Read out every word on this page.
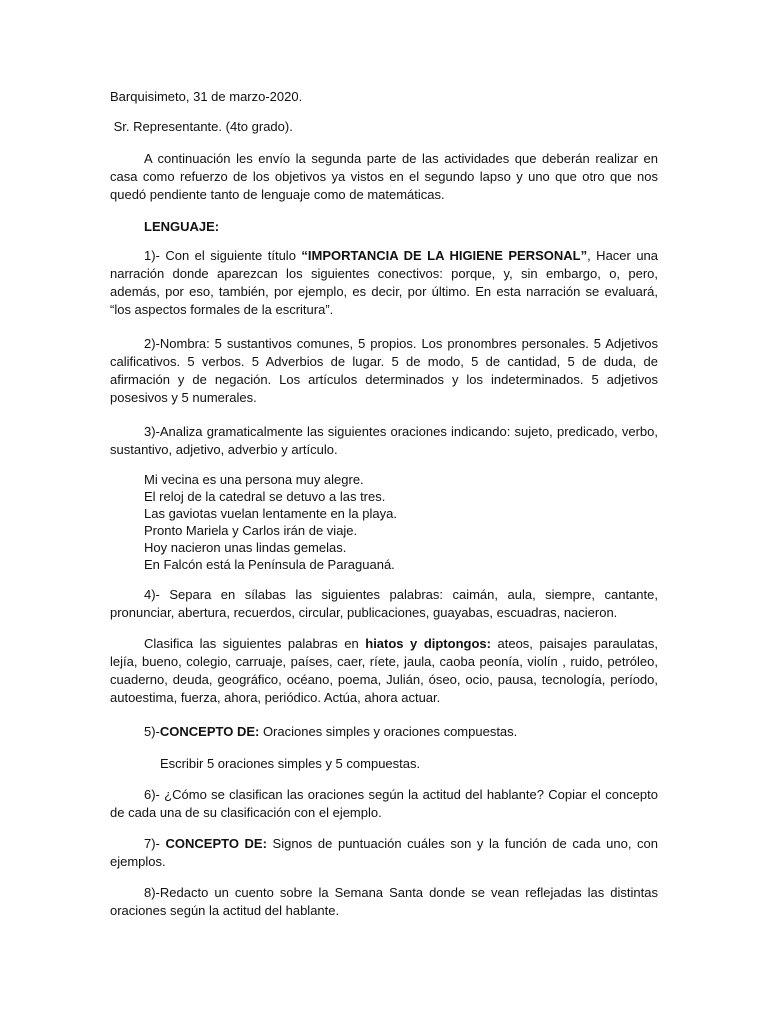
Barquisimeto, 31 de marzo-2020.
Sr. Representante. (4to grado).

A continuación les envío la segunda parte de las actividades que deberán realizar en casa como refuerzo de los objetivos ya vistos en el segundo lapso y uno que otro que nos quedó pendiente tanto de lenguaje como de matemáticas.

LENGUAJE:

1)- Con el siguiente título “IMPORTANCIA DE LA HIGIENE PERSONAL”, Hacer una narración donde aparezcan los siguientes conectivos: porque, y, sin embargo, o, pero, además, por eso, también, por ejemplo, es decir, por último. En esta narración se evaluará, “los aspectos formales de la escritura”.

2)-Nombra: 5 sustantivos comunes, 5 propios. Los pronombres personales. 5 Adjetivos calificativos. 5 verbos. 5 Adverbios de lugar. 5 de modo, 5 de cantidad, 5 de duda, de afirmación y de negación. Los artículos determinados y los indeterminados. 5 adjetivos posesivos y 5 numerales.

3)-Analiza gramaticalmente las siguientes oraciones indicando: sujeto, predicado, verbo, sustantivo, adjetivo, adverbio y artículo.

Mi vecina es una persona muy alegre.
El reloj de la catedral se detuvo a las tres.
Las gaviotas vuelan lentamente en la playa.
Pronto Mariela y Carlos irán de viaje.
Hoy nacieron unas lindas gemelas.
En Falcón está la Península de Paraguaná.

4)- Separa en sílabas las siguientes palabras: caimán, aula, siempre, cantante, pronunciar, abertura, recuerdos, circular, publicaciones, guayabas, escuadras, nacieron.

Clasifica las siguientes palabras en hiatos y diptongos: ateos, paisajes paraulatas, lejía, bueno, colegio, carruaje, países, caer, ríete, jaula, caoba peonía, violín , ruido, petróleo, cuaderno, deuda, geográfico, océano, poema, Julián, óseo, ocio, pausa, tecnología, período, autoestima, fuerza, ahora, periódico. Actúa, ahora actuar.

5)-CONCEPTO DE: Oraciones simples y oraciones compuestas.

Escribir 5 oraciones simples y 5 compuestas.

6)- ¿Cómo se clasifican las oraciones según la actitud del hablante? Copiar el concepto de cada una de su clasificación con el ejemplo.

7)- CONCEPTO DE: Signos de puntuación cuáles son y la función de cada uno, con ejemplos.

8)-Redacto un cuento sobre la Semana Santa donde se vean reflejadas las distintas oraciones según la actitud del hablante.
